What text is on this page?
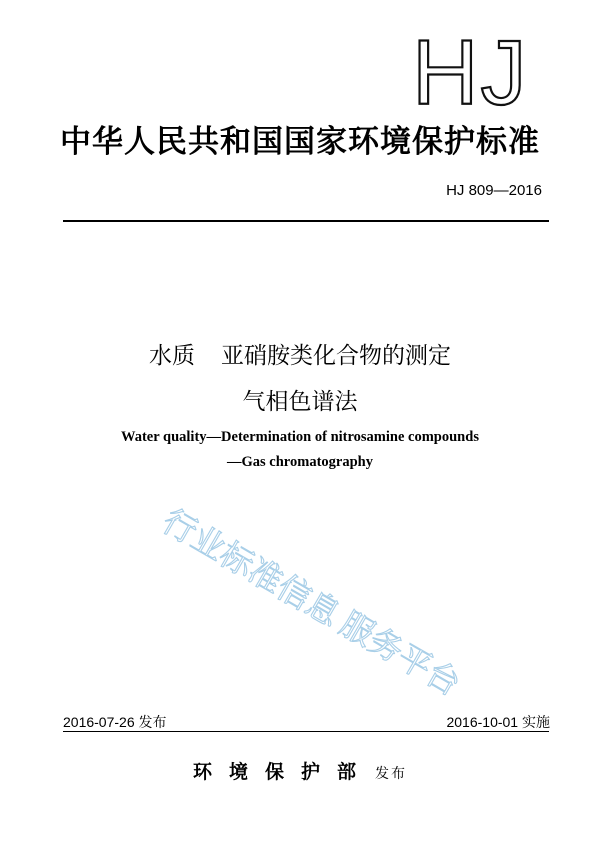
HJ
中华人民共和国国家环境保护标准
HJ 809—2016
水质 亚硝胺类化合物的测定
气相色谱法
Water quality—Determination of nitrosamine compounds
—Gas chromatography
行业标准信息
服务平台
2016-07-26 发布	2016-10-01 实施
环境保护部 发布
